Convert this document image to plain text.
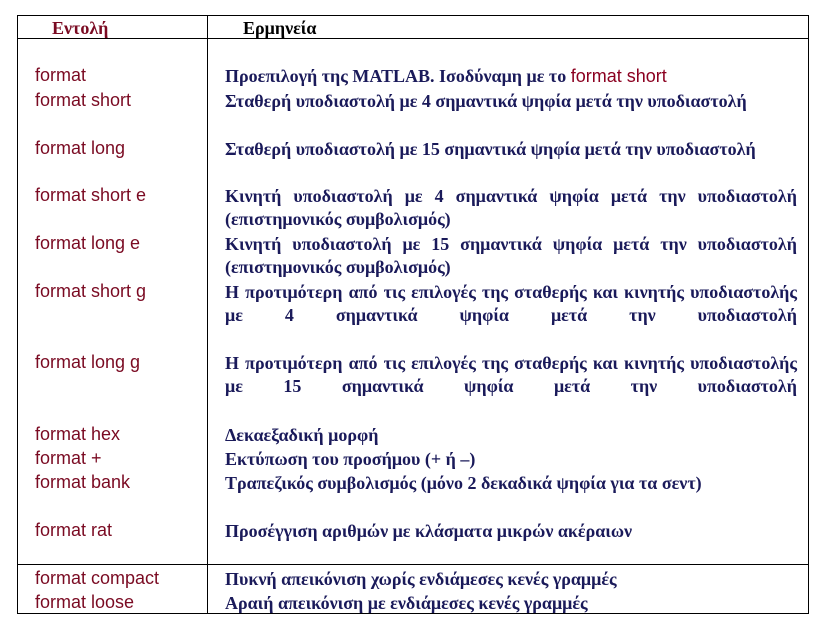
Εντολή	Ερμηνεία
format	Προεπιλογή της MATLAB. Ισοδύναμη με το format short
format short	Σταθερή υποδιαστολή με 4 σημαντικά ψηφία μετά την υποδιαστολή
format long	Σταθερή υποδιαστολή με 15 σημαντικά ψηφία μετά την υποδιαστολή
format short e	Κινητή υποδιαστολή με 4 σημαντικά ψηφία μετά την υποδιαστολή (επιστημονικός συμβολισμός)
format long e	Κινητή υποδιαστολή με 15 σημαντικά ψηφία μετά την υποδιαστολή (επιστημονικός συμβολισμός)
format short g	Η προτιμότερη από τις επιλογές της σταθερής και κινητής υποδιαστολής με 4 σημαντικά ψηφία μετά την υποδιαστολή
format long g	Η προτιμότερη από τις επιλογές της σταθερής και κινητής υποδιαστολής με 15 σημαντικά ψηφία μετά την υποδιαστολή
format hex	Δεκαεξαδική μορφή
format +	Εκτύπωση του προσήμου (+ ή –)
format bank	Τραπεζικός συμβολισμός (μόνο 2 δεκαδικά ψηφία για τα σεντ)
format rat	Προσέγγιση αριθμών με κλάσματα μικρών ακέραιων
format compact	Πυκνή απεικόνιση χωρίς ενδιάμεσες κενές γραμμές
format loose	Αραιή απεικόνιση με ενδιάμεσες κενές γραμμές
